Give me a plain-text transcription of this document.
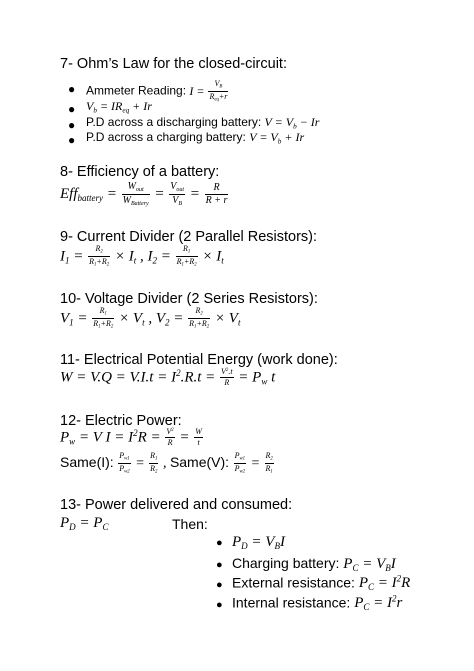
7- Ohm’s Law for the closed-circuit:
● Ammeter Reading: $I = \frac{V_B}{R_{eq}+r}$
● $V_b = IR_{eq} + Ir$
● P.D across a discharging battery: $V = V_b - Ir$
● P.D across a charging battery: $V = V_b + Ir$
8- Efficiency of a battery:
$Eff_{battery} = \frac{W_{out}}{W_{Battery}} = \frac{V_{out}}{V_B} = \frac{R}{R + r}$
9- Current Divider (2 Parallel Resistors):
$I_1 = \frac{R_2}{R_1+R_2} \times I_t$ , $I_2 = \frac{R_1}{R_1+R_2} \times I_t$
10- Voltage Divider (2 Series Resistors):
$V_1 = \frac{R_1}{R_1+R_2} \times V_t$ , $V_2 = \frac{R_2}{R_1+R_2} \times V_t$
11- Electrical Potential Energy (work done):
$W = V.Q = V.I.t = I^2.R.t = \frac{V^2.t}{R} = P_w$ t
12- Electric Power:
$P_w = V$ $I = I^2R = \frac{V^2}{R} = \frac{W}{t}$
Same(I): $\frac{P_{w1}}{P_{w2}} = \frac{R_1}{R_2}$ , Same(V): $\frac{P_{w1}}{P_{w2}} = \frac{R_2}{R_1}$
13- Power delivered and consumed:
$P_D = P_C$	Then:
● $P_D = V_BI$
● Charging battery: $P_C = V_BI$
● External resistance: $P_C = I^2R$
● Internal resistance: $P_C = I^2r$
